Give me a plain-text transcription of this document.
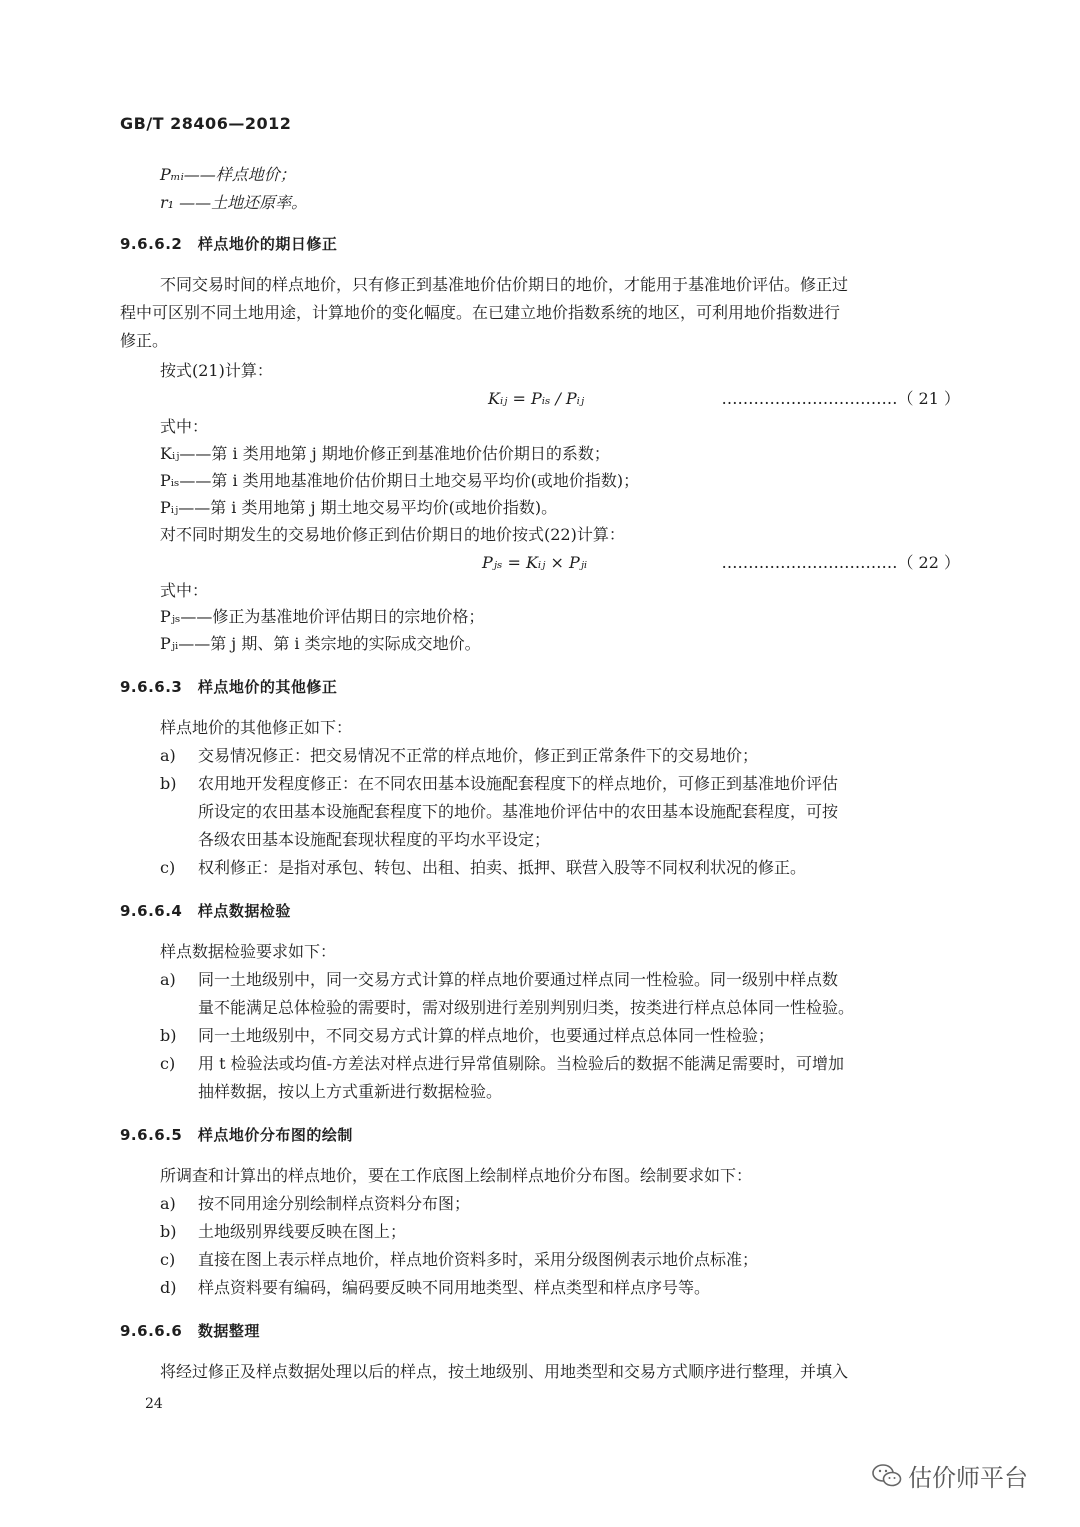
GB/T 28406—2012
Pₘᵢ——样点地价；
r₁ ——土地还原率。
9.6.6.2　样点地价的期日修正
不同交易时间的样点地价，只有修正到基准地价估价期日的地价，才能用于基准地价评估。修正过
程中可区别不同土地用途，计算地价的变化幅度。在已建立地价指数系统的地区，可利用地价指数进行
修正。
按式(21)计算：
Kᵢⱼ = Pᵢₛ / Pᵢⱼ	……………………………（ 21 ）
式中：
Kᵢⱼ——第 i 类用地第 j 期地价修正到基准地价估价期日的系数；
Pᵢₛ——第 i 类用地基准地价估价期日土地交易平均价(或地价指数)；
Pᵢⱼ——第 i 类用地第 j 期土地交易平均价(或地价指数)。
对不同时期发生的交易地价修正到估价期日的地价按式(22)计算：
Pⱼₛ = Kᵢⱼ × Pⱼᵢ	……………………………（ 22 ）
式中：
Pⱼₛ——修正为基准地价评估期日的宗地价格；
Pⱼᵢ——第 j 期、第 i 类宗地的实际成交地价。
9.6.6.3　样点地价的其他修正
样点地价的其他修正如下：
a) 交易情况修正：把交易情况不正常的样点地价，修正到正常条件下的交易地价；
b) 农用地开发程度修正：在不同农田基本设施配套程度下的样点地价，可修正到基准地价评估
所设定的农田基本设施配套程度下的地价。基准地价评估中的农田基本设施配套程度，可按
各级农田基本设施配套现状程度的平均水平设定；
c) 权利修正：是指对承包、转包、出租、拍卖、抵押、联营入股等不同权利状况的修正。
9.6.6.4　样点数据检验
样点数据检验要求如下：
a) 同一土地级别中，同一交易方式计算的样点地价要通过样点同一性检验。同一级别中样点数
量不能满足总体检验的需要时，需对级别进行差别判别归类，按类进行样点总体同一性检验。
b) 同一土地级别中，不同交易方式计算的样点地价，也要通过样点总体同一性检验；
c) 用 t 检验法或均值-方差法对样点进行异常值剔除。当检验后的数据不能满足需要时，可增加
抽样数据，按以上方式重新进行数据检验。
9.6.6.5　样点地价分布图的绘制
所调查和计算出的样点地价，要在工作底图上绘制样点地价分布图。绘制要求如下：
a) 按不同用途分别绘制样点资料分布图；
b) 土地级别界线要反映在图上；
c) 直接在图上表示样点地价，样点地价资料多时，采用分级图例表示地价点标准；
d) 样点资料要有编码，编码要反映不同用地类型、样点类型和样点序号等。
9.6.6.6　数据整理
将经过修正及样点数据处理以后的样点，按土地级别、用地类型和交易方式顺序进行整理，并填入
24
估价师平台
